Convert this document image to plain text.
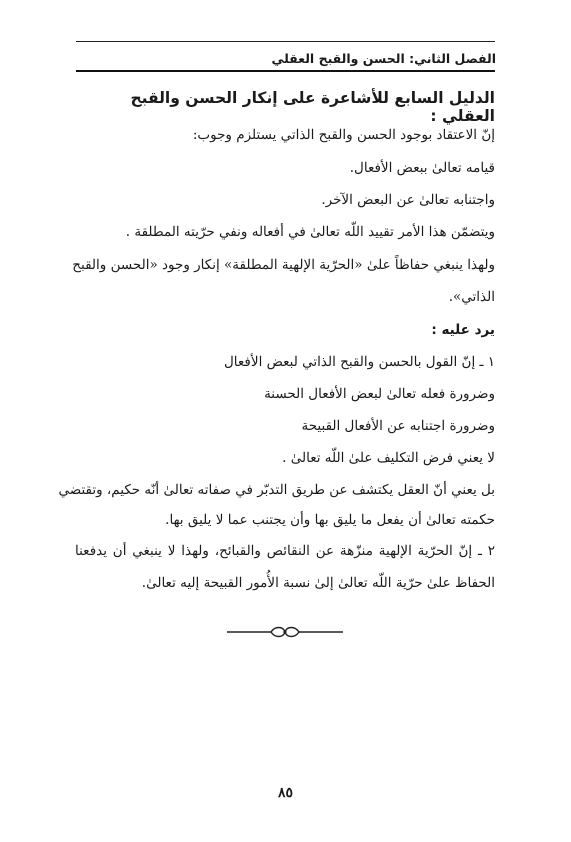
الفصل الثاني: الحسن والقبح العقلي
الدليل السابع للأشاعرة على إنكار الحسن والقبح العقلي :
إنّ الاعتقاد بوجود الحسن والقبح الذاتي يستلزم وجوب:
قيامه تعالىٰ ببعض الأفعال.
واجتنابه تعالىٰ عن البعض الآخر.
ويتضمّن هذا الأمر تقييد اللّه تعالىٰ في أفعاله ونفي حرّيته المطلقة .
ولهذا ينبغي حفاظاً علىٰ «الحرّية الإلهية المطلقة» إنكار وجود «الحسن والقبح
الذاتي».
يرد عليه :
١ ـ إنّ القول بالحسن والقبح الذاتي لبعض الأفعال
وضرورة فعله تعالىٰ لبعض الأفعال الحسنة
وضرورة اجتنابه عن الأفعال القبيحة
لا يعني فرض التكليف علىٰ اللّه تعالىٰ .
بل يعني أنّ العقل يكتشف عن طريق التدبّر في صفاته تعالىٰ أنّه حكيم، وتقتضي
حكمته تعالىٰ أن يفعل ما يليق بها وأن يجتنب عما لا يليق بها.
٢ ـ إنّ الحرّية الإلهية منزّهة عن النقائص والقبائح، ولهذا لا ينبغي أن يدفعنا
الحفاظ علىٰ حرّية اللّه تعالىٰ إلىٰ نسبة الأُمور القبيحة إليه تعالىٰ.
٨٥
